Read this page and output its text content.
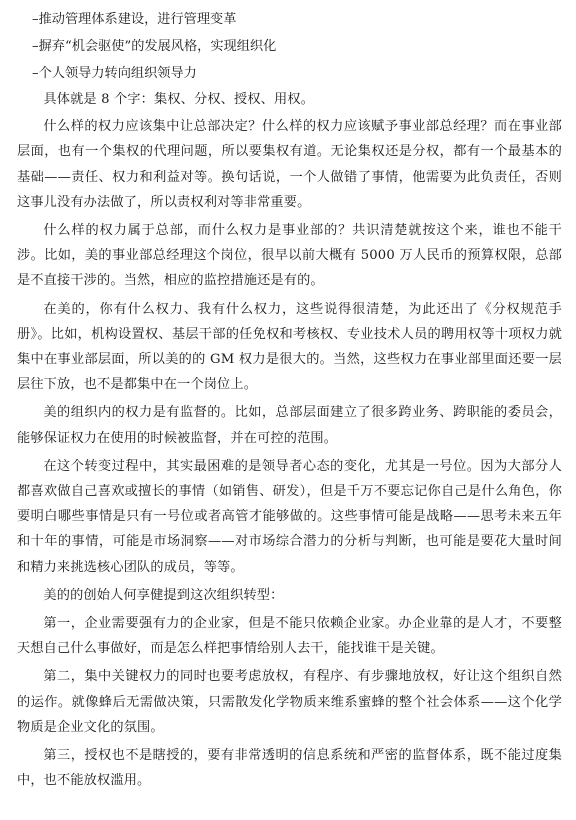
–推动管理体系建设，进行管理变革

–摒弃“机会驱使”的发展风格，实现组织化

–个人领导力转向组织领导力

具体就是 8 个字：集权、分权、授权、用权。

什么样的权力应该集中让总部决定？什么样的权力应该赋予事业部总经理？而在事业部层面，也有一个集权的代理问题，所以要集权有道。无论集权还是分权，都有一个最基本的基础——责任、权力和利益对等。换句话说，一个人做错了事情，他需要为此负责任，否则这事儿没有办法做了，所以责权利对等非常重要。

什么样的权力属于总部，而什么权力是事业部的？共识清楚就按这个来，谁也不能干涉。比如，美的事业部总经理这个岗位，很早以前大概有 5000 万人民币的预算权限，总部是不直接干涉的。当然，相应的监控措施还是有的。

在美的，你有什么权力、我有什么权力，这些说得很清楚，为此还出了《分权规范手册》。比如，机构设置权、基层干部的任免权和考核权、专业技术人员的聘用权等十项权力就集中在事业部层面，所以美的的 GM 权力是很大的。当然，这些权力在事业部里面还要一层层往下放，也不是都集中在一个岗位上。

美的组织内的权力是有监督的。比如，总部层面建立了很多跨业务、跨职能的委员会，能够保证权力在使用的时候被监督，并在可控的范围。

在这个转变过程中，其实最困难的是领导者心态的变化，尤其是一号位。因为大部分人都喜欢做自己喜欢或擅长的事情（如销售、研发），但是千万不要忘记你自己是什么角色，你要明白哪些事情是只有一号位或者高管才能够做的。这些事情可能是战略——思考未来五年和十年的事情，可能是市场洞察——对市场综合潜力的分析与判断，也可能是要花大量时间和精力来挑选核心团队的成员，等等。

美的的创始人何享健提到这次组织转型：

第一，企业需要强有力的企业家，但是不能只依赖企业家。办企业靠的是人才，不要整天想自己什么事做好，而是怎么样把事情给别人去干，能找谁干是关键。

第二，集中关键权力的同时也要考虑放权，有程序、有步骤地放权，好让这个组织自然的运作。就像蜂后无需做决策，只需散发化学物质来维系蜜蜂的整个社会体系——这个化学物质是企业文化的氛围。

第三，授权也不是瞎授的，要有非常透明的信息系统和严密的监督体系，既不能过度集中，也不能放权滥用。
